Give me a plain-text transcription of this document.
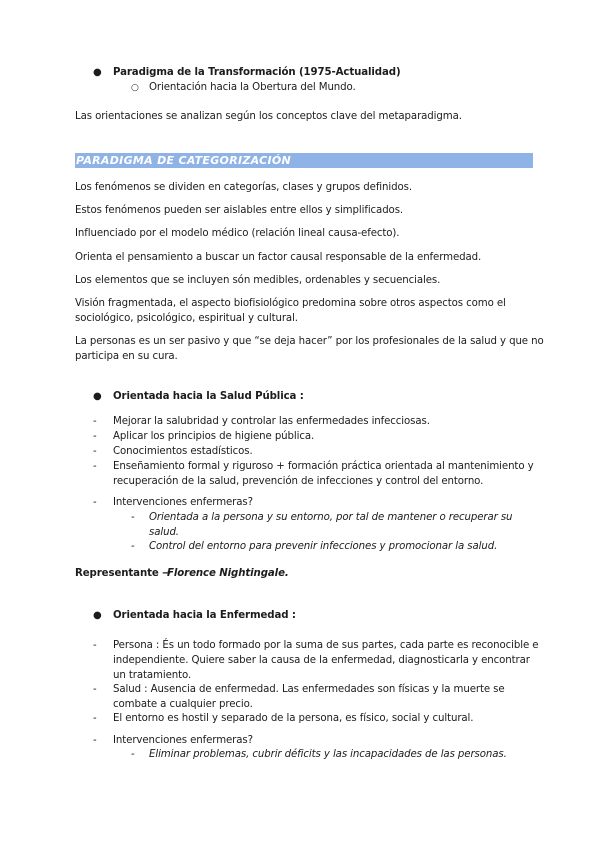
● Paradigma de la Transformación (1975-Actualidad)
○ Orientación hacia la Obertura del Mundo.
Las orientaciones se analizan según los conceptos clave del metaparadigma.
PARADIGMA DE CATEGORIZACIÓN
Los fenómenos se dividen en categorías, clases y grupos definidos.
Estos fenómenos pueden ser aislables entre ellos y simplificados.
Influenciado por el modelo médico (relación lineal causa-efecto).
Orienta el pensamiento a buscar un factor causal responsable de la enfermedad.
Los elementos que se incluyen són medibles, ordenables y secuenciales.
Visión fragmentada, el aspecto biofisiológico predomina sobre otros aspectos como el
sociológico, psicológico, espiritual y cultural.
La personas es un ser pasivo y que “se deja hacer” por los profesionales de la salud y que no
participa en su cura.
● Orientada hacia la Salud Pública :
- Mejorar la salubridad y controlar las enfermedades infecciosas.
- Aplicar los principios de higiene pública.
- Conocimientos estadísticos.
- Enseñamiento formal y riguroso + formación práctica orientada al mantenimiento y
recuperación de la salud, prevención de infecciones y control del entorno.
- Intervenciones enfermeras?
- Orientada a la persona y su entorno, por tal de mantener o recuperar su
salud.
- Control del entorno para prevenir infecciones y promocionar la salud.
Representante →
Florence Nightingale.
● Orientada hacia la Enfermedad :
- Persona : És un todo formado por la suma de sus partes, cada parte es reconocible e
independiente. Quiere saber la causa de la enfermedad, diagnosticarla y encontrar
un tratamiento.
- Salud : Ausencia de enfermedad. Las enfermedades son físicas y la muerte se
combate a cualquier precio.
- El entorno es hostil y separado de la persona, es físico, social y cultural.
- Intervenciones enfermeras?
- Eliminar problemas, cubrir déficits y las incapacidades de las personas.
